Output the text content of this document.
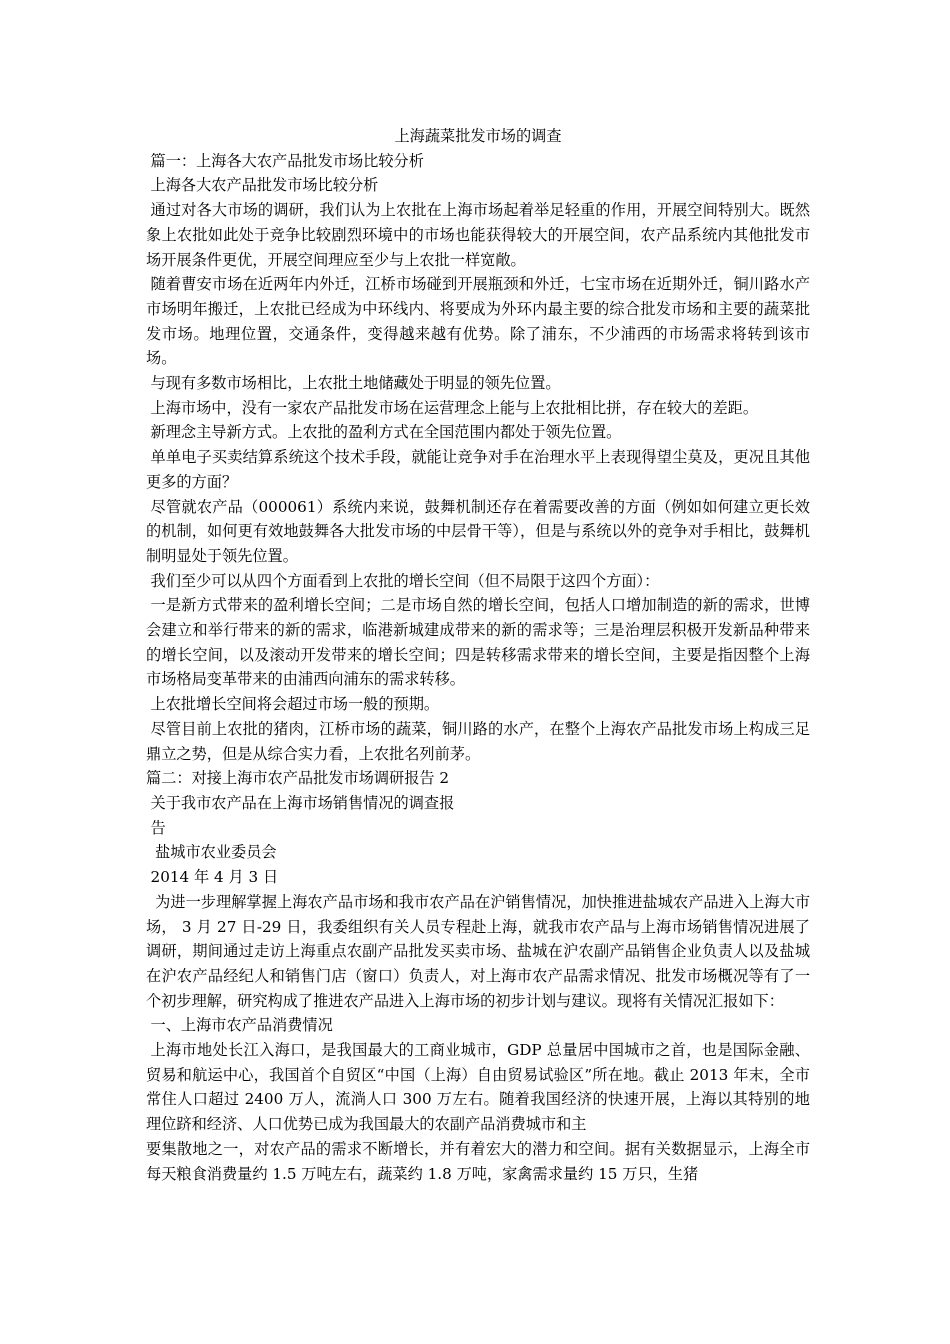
上海蔬菜批发市场的调查
篇一：上海各大农产品批发市场比较分析
上海各大农产品批发市场比较分析
通过对各大市场的调研，我们认为上农批在上海市场起着举足轻重的作用，开展空间特别大。既然象上农批如此处于竞争比较剧烈环境中的市场也能获得较大的开展空间，农产品系统内其他批发市场开展条件更优，开展空间理应至少与上农批一样宽敞。
随着曹安市场在近两年内外迁，江桥市场碰到开展瓶颈和外迁，七宝市场在近期外迁，铜川路水产市场明年搬迁，上农批已经成为中环线内、将要成为外环内最主要的综合批发市场和主要的蔬菜批发市场。地理位置，交通条件，变得越来越有优势。除了浦东，不少浦西的市场需求将转到该市场。
与现有多数市场相比，上农批土地储藏处于明显的领先位置。
上海市场中，没有一家农产品批发市场在运营理念上能与上农批相比拼，存在较大的差距。
新理念主导新方式。上农批的盈利方式在全国范围内都处于领先位置。
单单电子买卖结算系统这个技术手段，就能让竞争对手在治理水平上表现得望尘莫及，更况且其他更多的方面？
尽管就农产品（000061）系统内来说，鼓舞机制还存在着需要改善的方面（例如如何建立更长效的机制，如何更有效地鼓舞各大批发市场的中层骨干等），但是与系统以外的竞争对手相比，鼓舞机制明显处于领先位置。
我们至少可以从四个方面看到上农批的增长空间（但不局限于这四个方面）：
一是新方式带来的盈利增长空间；二是市场自然的增长空间，包括人口增加制造的新的需求，世博会建立和举行带来的新的需求，临港新城建成带来的新的需求等；三是治理层积极开发新品种带来的增长空间，以及滚动开发带来的增长空间；四是转移需求带来的增长空间，主要是指因整个上海市场格局变革带来的由浦西向浦东的需求转移。
上农批增长空间将会超过市场一般的预期。
尽管目前上农批的猪肉，江桥市场的蔬菜，铜川路的水产，在整个上海农产品批发市场上构成三足鼎立之势，但是从综合实力看，上农批名列前茅。
篇二：对接上海市农产品批发市场调研报告 2
关于我市农产品在上海市场销售情况的调查报
告
盐城市农业委员会
2014 年 4 月 3 日
为进一步理解掌握上海农产品市场和我市农产品在沪销售情况，加快推进盐城农产品进入上海大市场， 3 月 27 日-29 日，我委组织有关人员专程赴上海，就我市农产品与上海市场销售情况进展了调研，期间通过走访上海重点农副产品批发买卖市场、盐城在沪农副产品销售企业负责人以及盐城在沪农产品经纪人和销售门店（窗口）负责人，对上海市农产品需求情况、批发市场概况等有了一个初步理解，研究构成了推进农产品进入上海市场的初步计划与建议。现将有关情况汇报如下：
一、上海市农产品消费情况
上海市地处长江入海口，是我国最大的工商业城市，GDP 总量居中国城市之首，也是国际金融、贸易和航运中心，我国首个自贸区“中国（上海）自由贸易试验区”所在地。截止 2013 年末，全市常住人口超过 2400 万人，流淌人口 300 万左右。随着我国经济的快速开展，上海以其特别的地理位跻和经济、人口优势已成为我国最大的农副产品消费城市和主
要集散地之一，对农产品的需求不断增长，并有着宏大的潜力和空间。据有关数据显示，上海全市每天粮食消费量约 1.5 万吨左右，蔬菜约 1.8 万吨，家禽需求量约 15 万只，生猪
